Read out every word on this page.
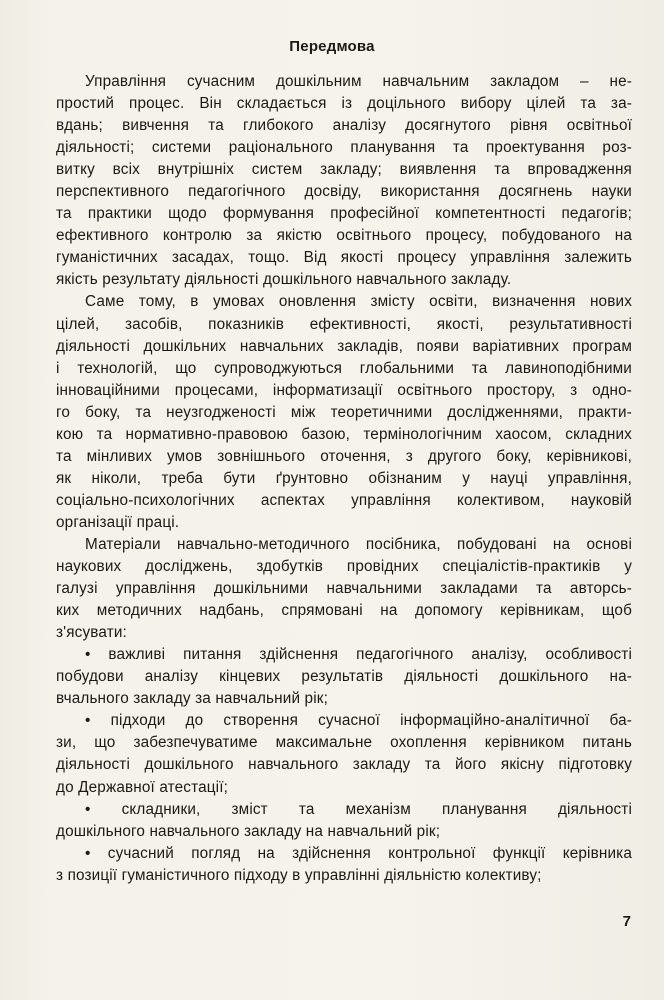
Передмова
Управління сучасним дошкільним навчальним закладом – не-
простий процес. Він складається із доцільного вибору цілей та за-
вдань; вивчення та глибокого аналізу досягнутого рівня освітньої
діяльності; системи раціонального планування та проектування роз-
витку всіх внутрішніх систем закладу; виявлення та впровадження
перспективного педагогічного досвіду, використання досягнень науки
та практики щодо формування професійної компетентності педагогів;
ефективного контролю за якістю освітнього процесу, побудованого на
гуманістичних засадах, тощо. Від якості процесу управління залежить
якість результату діяльності дошкільного навчального закладу.
Саме тому, в умовах оновлення змісту освіти, визначення нових
цілей, засобів, показників ефективності, якості, результативності
діяльності дошкільних навчальних закладів, появи варіативних програм
і технологій, що супроводжуються глобальними та лавиноподібними
інноваційними процесами, інформатизації освітнього простору, з одно-
го боку, та неузгодженості між теоретичними дослідженнями, практи-
кою та нормативно-правовою базою, термінологічним хаосом, складних
та мінливих умов зовнішнього оточення, з другого боку, керівникові,
як ніколи, треба бути ґрунтовно обізнаним у науці управління,
соціально-психологічних аспектах управління колективом, науковій
організації праці.
Матеріали навчально-методичного посібника, побудовані на основі
наукових досліджень, здобутків провідних спеціалістів-практиків у
галузі управління дошкільними навчальними закладами та авторсь-
ких методичних надбань, спрямовані на допомогу керівникам, щоб
з'ясувати:
• важливі питання здійснення педагогічного аналізу, особливості
побудови аналізу кінцевих результатів діяльності дошкільного на-
вчального закладу за навчальний рік;
• підходи до створення сучасної інформаційно-аналітичної ба-
зи, що забезпечуватиме максимальне охоплення керівником питань
діяльності дошкільного навчального закладу та його якісну підготовку
до Державної атестації;
• складники, зміст та механізм планування діяльності
дошкільного навчального закладу на навчальний рік;
• сучасний погляд на здійснення контрольної функції керівника
з позиції гуманістичного підходу в управлінні діяльністю колективу;
7
